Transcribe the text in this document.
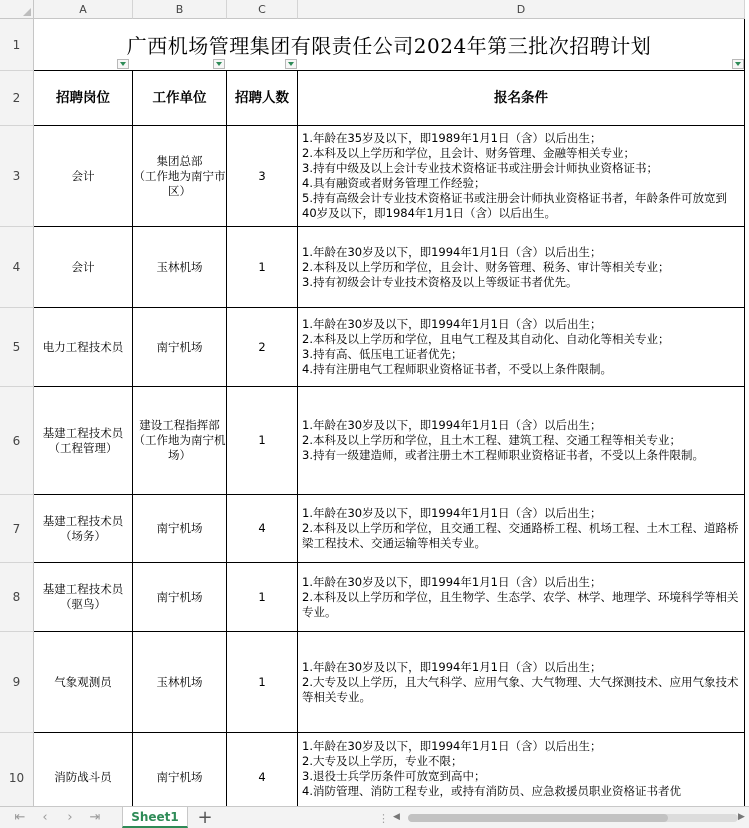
A	B	C	D
1
2
3
4
5
6
7
8
9
10
广西机场管理集团有限责任公司2024年第三批次招聘计划
招聘岗位	工作单位	招聘人数	报名条件
会计
集团总部
（工作地为南宁市区）
3
1.年龄在35岁及以下，即1989年1月1日（含）以后出生；
2.本科及以上学历和学位，且会计、财务管理、金融等相关专业；
3.持有中级及以上会计专业技术资格证书或注册会计师执业资格证书；
4.具有融资或者财务管理工作经验；
5.持有高级会计专业技术资格证书或注册会计师执业资格证书者，年龄条件可放宽到40岁及以下，即1984年1月1日（含）以后出生。
会计	玉林机场	1
1.年龄在30岁及以下，即1994年1月1日（含）以后出生；
2.本科及以上学历和学位，且会计、财务管理、税务、审计等相关专业；
3.持有初级会计专业技术资格及以上等级证书者优先。
电力工程技术员	南宁机场	2
1.年龄在30岁及以下，即1994年1月1日（含）以后出生；
2.本科及以上学历和学位，且电气工程及其自动化、自动化等相关专业；
3.持有高、低压电工证者优先；
4.持有注册电气工程师职业资格证书者，不受以上条件限制。
基建工程技术员
（工程管理）
建设工程指挥部
（工作地为南宁机场）
1
1.年龄在30岁及以下，即1994年1月1日（含）以后出生；
2.本科及以上学历和学位，且土木工程、建筑工程、交通工程等相关专业；
3.持有一级建造师，或者注册土木工程师职业资格证书者，不受以上条件限制。
基建工程技术员
（场务）
南宁机场	4
1.年龄在30岁及以下，即1994年1月1日（含）以后出生；
2.本科及以上学历和学位，且交通工程、交通路桥工程、机场工程、土木工程、道路桥梁工程技术、交通运输等相关专业。
基建工程技术员
（驱鸟）
南宁机场	1
1.年龄在30岁及以下，即1994年1月1日（含）以后出生；
2.本科及以上学历和学位，且生物学、生态学、农学、林学、地理学、环境科学等相关专业。
气象观测员	玉林机场	1
1.年龄在30岁及以下，即1994年1月1日（含）以后出生；
2.大专及以上学历，且大气科学、应用气象、大气物理、大气探测技术、应用气象技术等相关专业。
消防战斗员	南宁机场	4
1.年龄在30岁及以下，即1994年1月1日（含）以后出生；
2.大专及以上学历，专业不限；
3.退役士兵学历条件可放宽到高中；
4.消防管理、消防工程专业，或持有消防员、应急救援员职业资格证书者优
⇤	‹	›	⇥	Sheet1	+	⋮ ◀	▶
